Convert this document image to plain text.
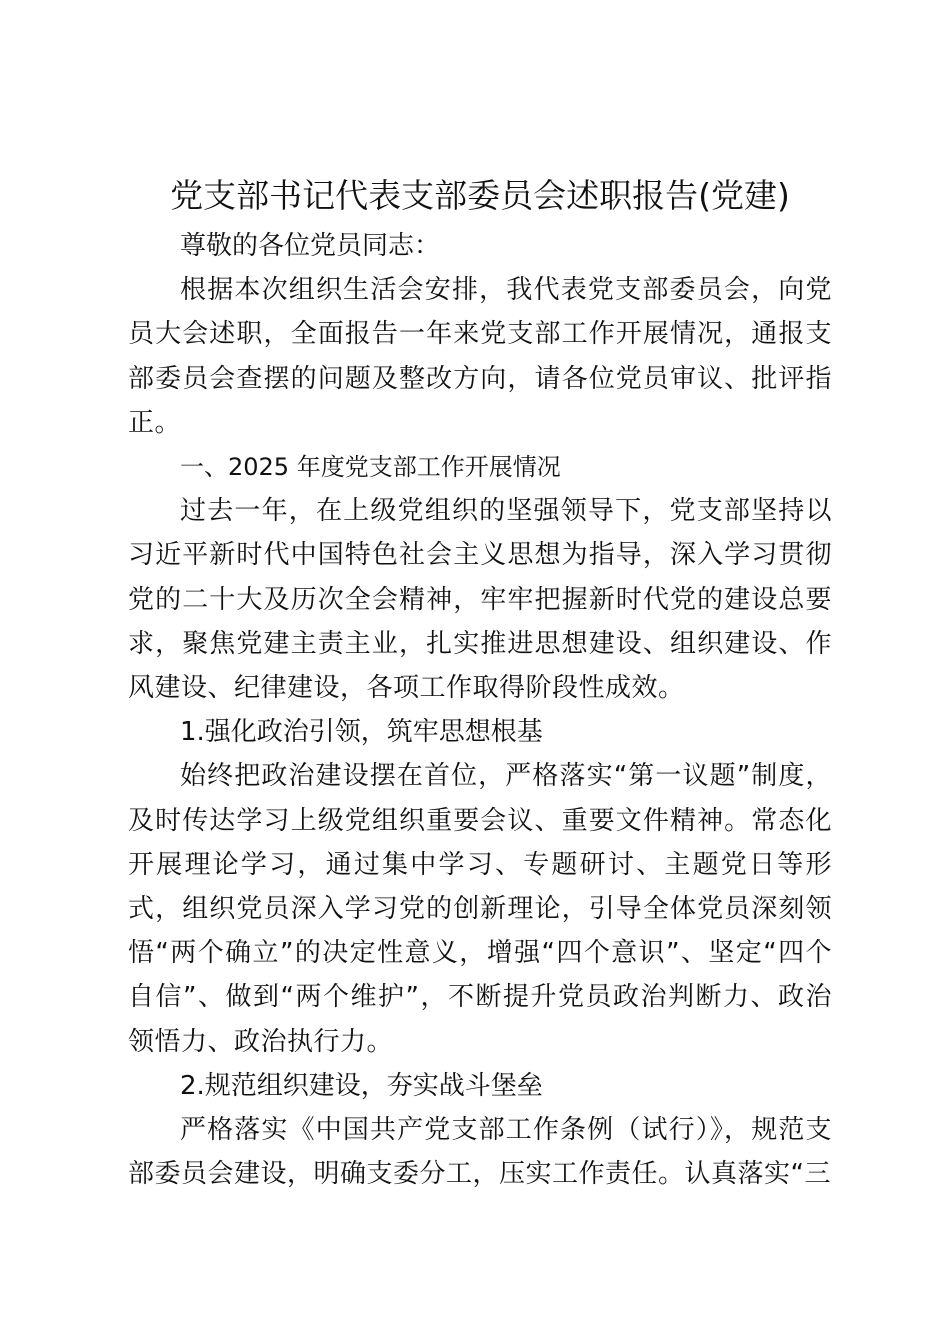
党支部书记代表支部委员会述职报告(党建)

尊敬的各位党员同志：

根据本次组织生活会安排，我代表党支部委员会，向党员大会述职，全面报告一年来党支部工作开展情况，通报支部委员会查摆的问题及整改方向，请各位党员审议、批评指正。

一、2025 年度党支部工作开展情况

过去一年，在上级党组织的坚强领导下，党支部坚持以习近平新时代中国特色社会主义思想为指导，深入学习贯彻党的二十大及历次全会精神，牢牢把握新时代党的建设总要求，聚焦党建主责主业，扎实推进思想建设、组织建设、作风建设、纪律建设，各项工作取得阶段性成效。

1.强化政治引领，筑牢思想根基

始终把政治建设摆在首位，严格落实“第一议题”制度，及时传达学习上级党组织重要会议、重要文件精神。常态化开展理论学习，通过集中学习、专题研讨、主题党日等形式，组织党员深入学习党的创新理论，引导全体党员深刻领悟“两个确立”的决定性意义，增强“四个意识”、坚定“四个自信”、做到“两个维护”，不断提升党员政治判断力、政治领悟力、政治执行力。

2.规范组织建设，夯实战斗堡垒

严格落实《中国共产党支部工作条例（试行）》，规范支部委员会建设，明确支委分工，压实工作责任。认真落实“三
